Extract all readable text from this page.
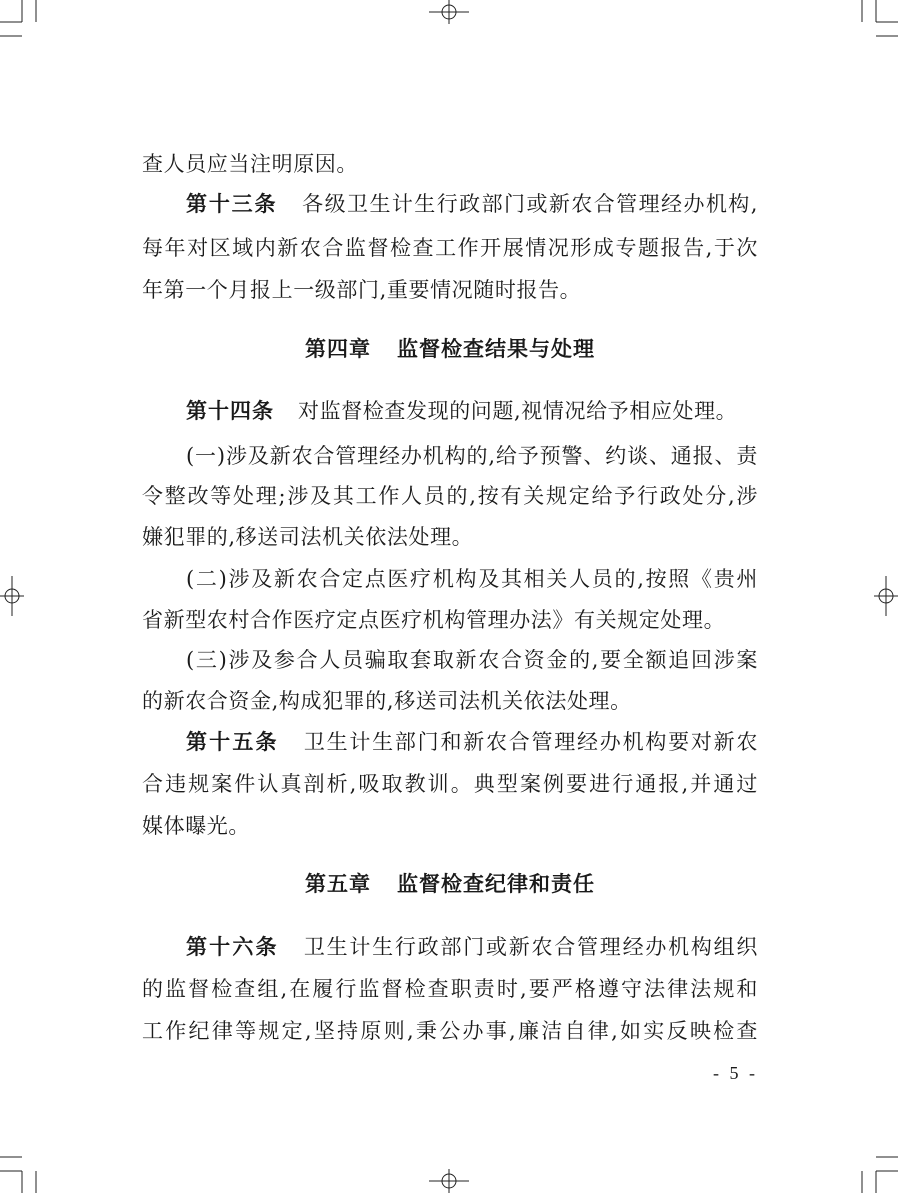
查人员应当注明原因。
第十三条 各级卫生计生行政部门或新农合管理经办机构,
每年对区域内新农合监督检查工作开展情况形成专题报告,于次
年第一个月报上一级部门,重要情况随时报告。
第四章 监督检查结果与处理
第十四条 对监督检查发现的问题,视情况给予相应处理。
(一)涉及新农合管理经办机构的,给予预警、约谈、通报、责
令整改等处理;涉及其工作人员的,按有关规定给予行政处分,涉
嫌犯罪的,移送司法机关依法处理。
(二)涉及新农合定点医疗机构及其相关人员的,按照《贵州
省新型农村合作医疗定点医疗机构管理办法》有关规定处理。
(三)涉及参合人员骗取套取新农合资金的,要全额追回涉案
的新农合资金,构成犯罪的,移送司法机关依法处理。
第十五条 卫生计生部门和新农合管理经办机构要对新农
合违规案件认真剖析,吸取教训。典型案例要进行通报,并通过
媒体曝光。
第五章 监督检查纪律和责任
第十六条 卫生计生行政部门或新农合管理经办机构组织
的监督检查组,在履行监督检查职责时,要严格遵守法律法规和
工作纪律等规定,坚持原则,秉公办事,廉洁自律,如实反映检查
- 5 -
